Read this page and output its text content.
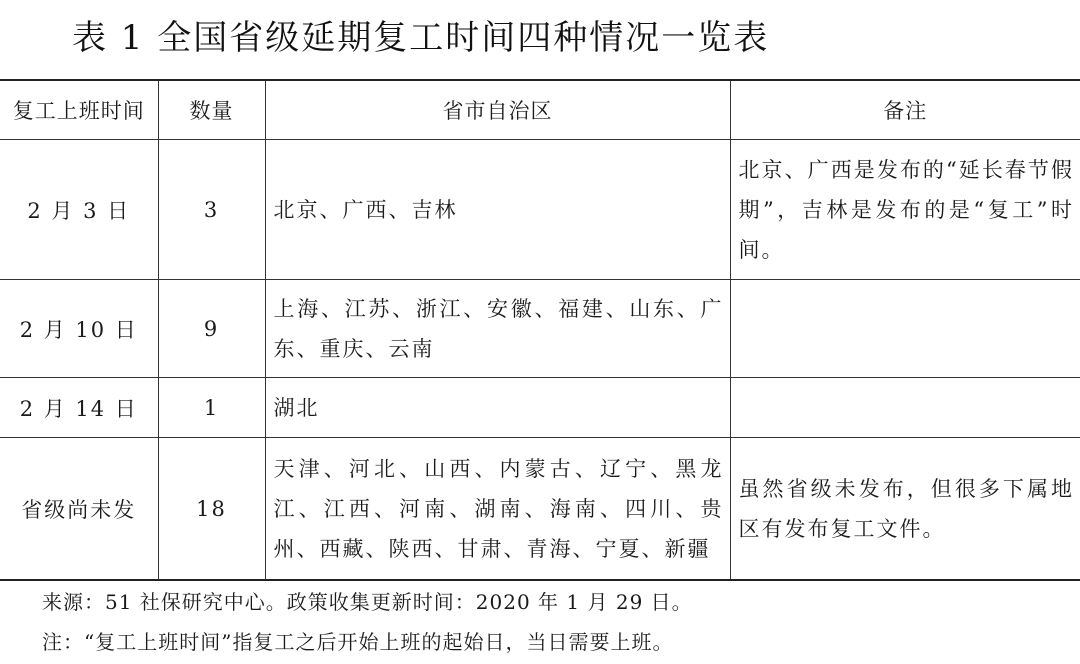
表 1 全国省级延期复工时间四种情况一览表
复工上班时间	数量	省市自治区	备注
2 月 3 日	3	北京、广西、吉林	北京、广西是发布的“延长春节假期”，吉林是发布的是“复工”时间。
2 月 10 日	9	上海、江苏、浙江、安徽、福建、山东、广东、重庆、云南	
2 月 14 日	1	湖北	
省级尚未发	18	天津、河北、山西、内蒙古、辽宁、黑龙江、江西、河南、湖南、海南、四川、贵州、西藏、陕西、甘肃、青海、宁夏、新疆	虽然省级未发布，但很多下属地区有发布复工文件。
来源：51 社保研究中心。政策收集更新时间：2020 年 1 月 29 日。
注：“复工上班时间”指复工之后开始上班的起始日，当日需要上班。
